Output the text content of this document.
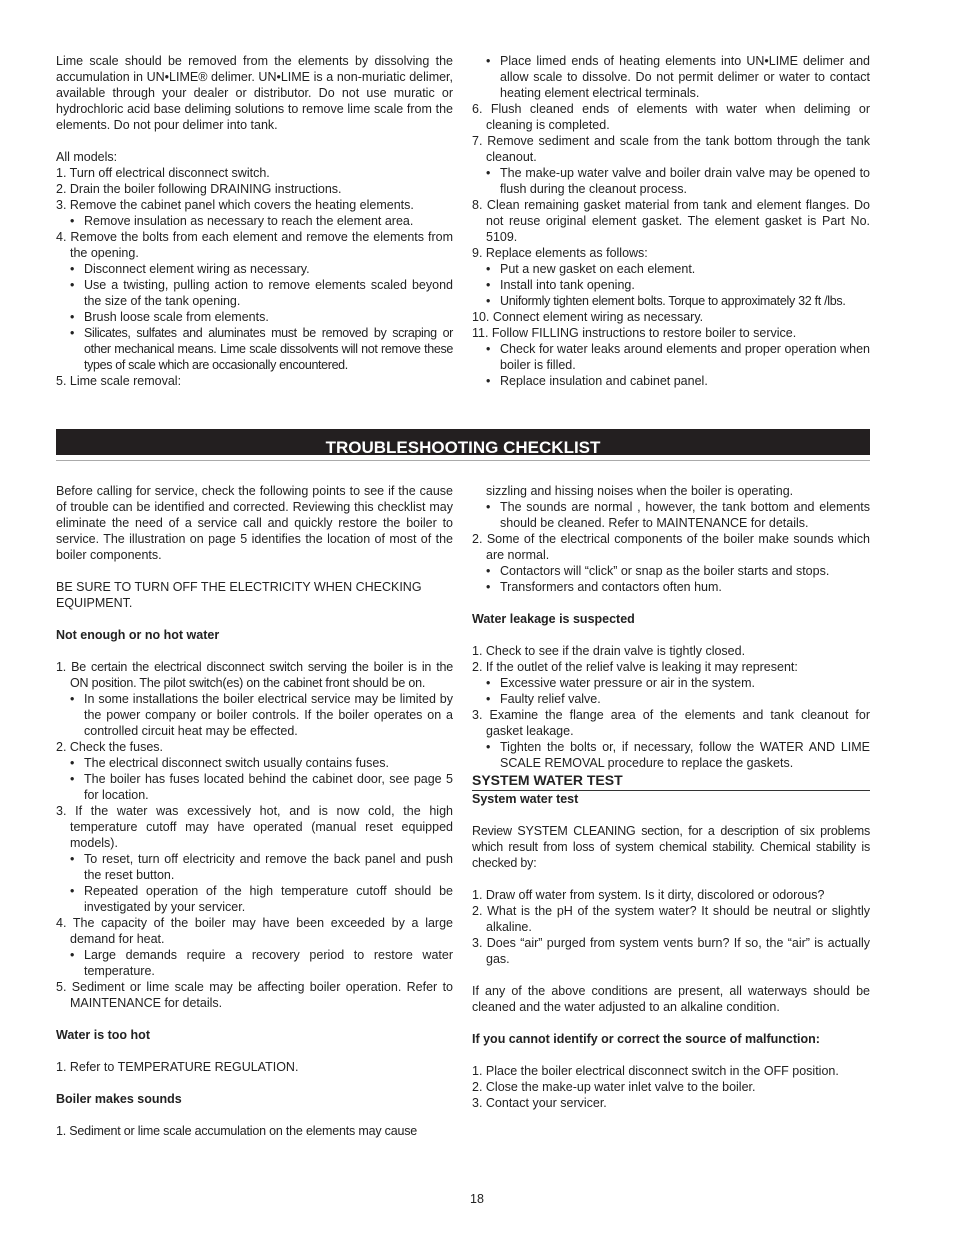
Lime scale should be removed from the elements by dissolving the accumulation in UN•LIME® delimer. UN•LIME is a non-muriatic delimer, available through your dealer or distributor. Do not use muratic or hydrochloric acid base deliming solutions to remove lime scale from the elements. Do not pour delimer into tank.

All models:

1. Turn off electrical disconnect switch.

2. Drain the boiler following DRAINING instructions.

3. Remove the cabinet panel which covers the heating elements.

• Remove insulation as necessary to reach the element area.

4. Remove the bolts from each element and remove the elements from the opening.

• Disconnect element wiring as necessary.

• Use a twisting, pulling action to remove elements scaled beyond the size of the tank opening.

• Brush loose scale from elements.

• Silicates, sulfates and aluminates must be removed by scraping or other mechanical means. Lime scale dissolvents will not remove these types of scale which are occasionally encountered.

5. Lime scale removal:

• Place limed ends of heating elements into UN•LIME delimer and allow scale to dissolve. Do not permit delimer or water to contact heating element electrical terminals.

6. Flush cleaned ends of elements with water when deliming or cleaning is completed.

7. Remove sediment and scale from the tank bottom through the tank cleanout.

• The make-up water valve and boiler drain valve may be opened to flush during the cleanout process.

8. Clean remaining gasket material from tank and element flanges. Do not reuse original element gasket. The element gasket is Part No. 5109.

9. Replace elements as follows:

• Put a new gasket on each element.

• Install into tank opening.

• Uniformly tighten element bolts. Torque to approximately 32 ft /lbs.

10. Connect element wiring as necessary.

11. Follow FILLING instructions to restore boiler to service.

• Check for water leaks around elements and proper operation when boiler is filled.

• Replace insulation and cabinet panel.

TROUBLESHOOTING CHECKLIST

Before calling for service, check the following points to see if the cause of trouble can be identified and corrected. Reviewing this checklist may eliminate the need of a service call and quickly restore the boiler to service. The illustration on page 5 identifies the location of most of the boiler components.

BE SURE TO TURN OFF THE ELECTRICITY WHEN CHECKING EQUIPMENT.

Not enough or no hot water

1. Be certain the electrical disconnect switch serving the boiler is in the ON position. The pilot switch(es) on the cabinet front should be on.

• In some installations the boiler electrical service may be limited by the power company or boiler controls. If the boiler operates on a controlled circuit heat may be effected.

2. Check the fuses.

• The electrical disconnect switch usually contains fuses.

• The boiler has fuses located behind the cabinet door, see page 5 for location.

3. If the water was excessively hot, and is now cold, the high temperature cutoff may have operated (manual reset equipped models).

• To reset, turn off electricity and remove the back panel and push the reset button.

• Repeated operation of the high temperature cutoff should be investigated by your servicer.

4. The capacity of the boiler may have been exceeded by a large demand for heat.

• Large demands require a recovery period to restore water temperature.

5. Sediment or lime scale may be affecting boiler operation. Refer to MAINTENANCE for details.

Water is too hot

1. Refer to TEMPERATURE REGULATION.

Boiler makes sounds

1. Sediment or lime scale accumulation on the elements may cause

sizzling and hissing noises when the boiler is operating.

• The sounds are normal , however, the tank bottom and elements should be cleaned. Refer to MAINTENANCE for details.

2. Some of the electrical components of the boiler make sounds which are normal.

• Contactors will “click” or snap as the boiler starts and stops.

• Transformers and contactors often hum.

Water leakage is suspected

1. Check to see if the drain valve is tightly closed.

2. If the outlet of the relief valve is leaking it may represent:

• Excessive water pressure or air in the system.

• Faulty relief valve.

3. Examine the flange area of the elements and tank cleanout for gasket leakage.

• Tighten the bolts or, if necessary, follow the WATER AND LIME SCALE REMOVAL procedure to replace the gaskets.

SYSTEM WATER TEST

System water test

Review SYSTEM CLEANING section, for a description of six problems which result from loss of system chemical stability. Chemical stability is checked by:

1. Draw off water from system. Is it dirty, discolored or odorous?

2. What is the pH of the system water? It should be neutral or slightly alkaline.

3. Does “air” purged from system vents burn? If so, the “air” is actually gas.

If any of the above conditions are present, all waterways should be cleaned and the water adjusted to an alkaline condition.

If you cannot identify or correct the source of malfunction:

1. Place the boiler electrical disconnect switch in the OFF position.

2. Close the make-up water inlet valve to the boiler.

3. Contact your servicer.

18
